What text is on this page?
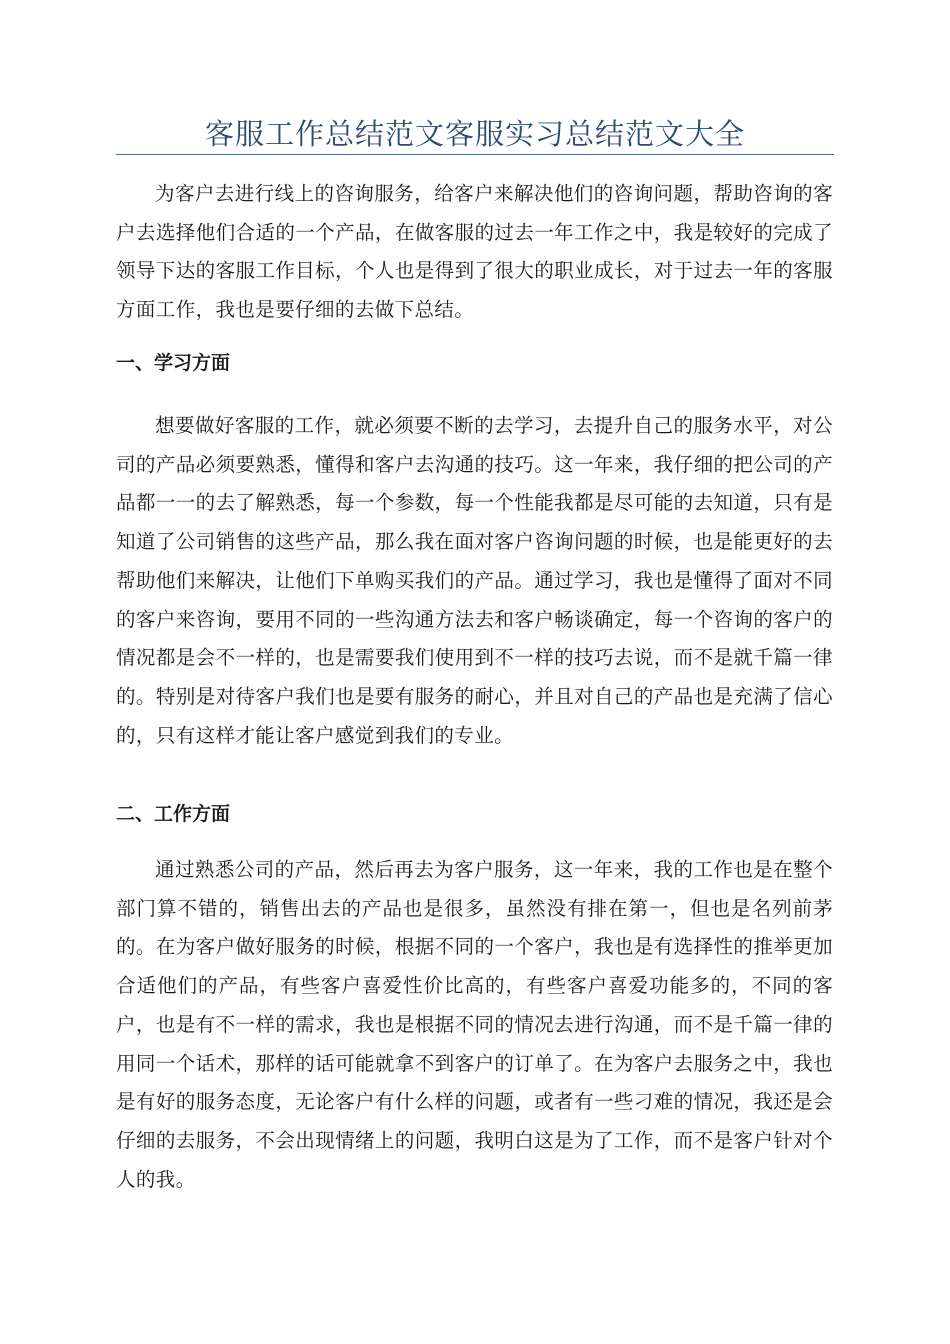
客服工作总结范文客服实习总结范文大全

为客户去进行线上的咨询服务，给客户来解决他们的咨询问题，帮助咨询的客户去选择他们合适的一个产品，在做客服的过去一年工作之中，我是较好的完成了领导下达的客服工作目标，个人也是得到了很大的职业成长，对于过去一年的客服方面工作，我也是要仔细的去做下总结。

一、学习方面

想要做好客服的工作，就必须要不断的去学习，去提升自己的服务水平，对公司的产品必须要熟悉，懂得和客户去沟通的技巧。这一年来，我仔细的把公司的产品都一一的去了解熟悉，每一个参数，每一个性能我都是尽可能的去知道，只有是知道了公司销售的这些产品，那么我在面对客户咨询问题的时候，也是能更好的去帮助他们来解决，让他们下单购买我们的产品。通过学习，我也是懂得了面对不同的客户来咨询，要用不同的一些沟通方法去和客户畅谈确定，每一个咨询的客户的情况都是会不一样的，也是需要我们使用到不一样的技巧去说，而不是就千篇一律的。特别是对待客户我们也是要有服务的耐心，并且对自己的产品也是充满了信心的，只有这样才能让客户感觉到我们的专业。

二、工作方面

通过熟悉公司的产品，然后再去为客户服务，这一年来，我的工作也是在整个部门算不错的，销售出去的产品也是很多，虽然没有排在第一，但也是名列前茅的。在为客户做好服务的时候，根据不同的一个客户，我也是有选择性的推举更加合适他们的产品，有些客户喜爱性价比高的，有些客户喜爱功能多的，不同的客户，也是有不一样的需求，我也是根据不同的情况去进行沟通，而不是千篇一律的用同一个话术，那样的话可能就拿不到客户的订单了。在为客户去服务之中，我也是有好的服务态度，无论客户有什么样的问题，或者有一些刁难的情况，我还是会仔细的去服务，不会出现情绪上的问题，我明白这是为了工作，而不是客户针对个人的我。
